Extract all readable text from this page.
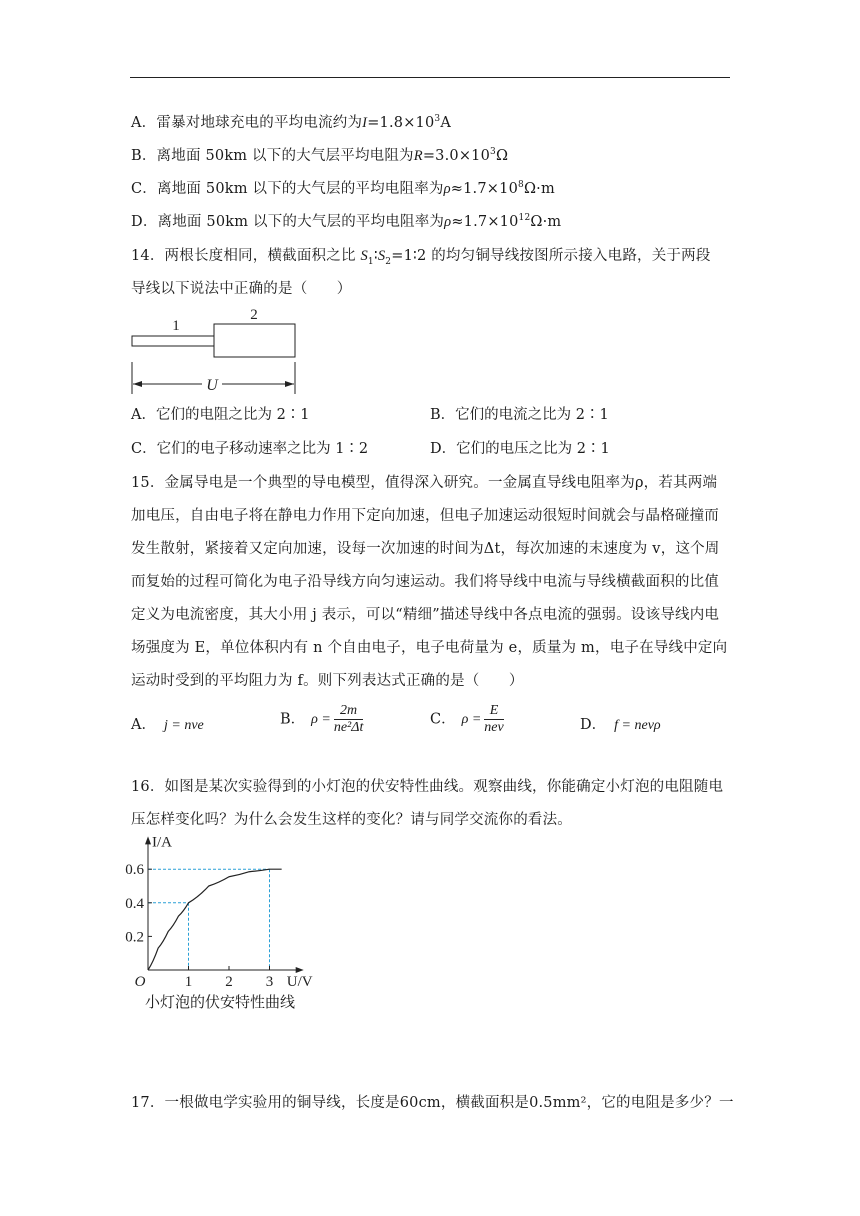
A．雷暴对地球充电的平均电流约为$I=1.8\times 10^3A$
B．离地面 50km 以下的大气层平均电阻为$R=3.0\times 10^3\Omega$
C．离地面 50km 以下的大气层的平均电阻率为$\rho\approx 1.7\times 10^8\Omega\cdot m$
D．离地面 50km 以下的大气层的平均电阻率为$\rho\approx 1.7\times 10^{12}\Omega\cdot m$
14．两根长度相同，横截面积之比 $S_1∶S_2=1∶2$ 的均匀铜导线按图所示接入电路，关于两段
导线以下说法中正确的是（　　）
1
2
U
A．它们的电阻之比为 2∶1	B．它们的电流之比为 2∶1
C．它们的电子移动速率之比为 1∶2	D．它们的电压之比为 2∶1
15．金属导电是一个典型的导电模型，值得深入研究。一金属直导线电阻率为ρ，若其两端
加电压，自由电子将在静电力作用下定向加速，但电子加速运动很短时间就会与晶格碰撞而
发生散射，紧接着又定向加速，设每一次加速的时间为Δt，每次加速的末速度为 v，这个周
而复始的过程可简化为电子沿导线方向匀速运动。我们将导线中电流与导线横截面积的比值
定义为电流密度，其大小用 j 表示，可以“精细”描述导线中各点电流的强弱。设该导线内电
场强度为 E，单位体积内有 n 个自由电子，电子电荷量为 e，质量为 m，电子在导线中定向
运动时受到的平均阻力为 f。则下列表达式正确的是（　　）
A． j = nve	B． $\rho = \frac{2m}{\text{ne²Δt}}$	C． $\rho = \frac{E}{\text{nev}}$	D． f = nevρ
16．如图是某次实验得到的小灯泡的伏安特性曲线。观察曲线，你能确定小灯泡的电阻随电
压怎样变化吗？为什么会发生这样的变化？请与同学交流你的看法。
1 2 3
0.2
0.4
0.6
O	U/V
I/A
小灯泡的伏安特性曲线
17．一根做电学实验用的铜导线，长度是60cm，横截面积是0.5mm²，它的电阻是多少？一
